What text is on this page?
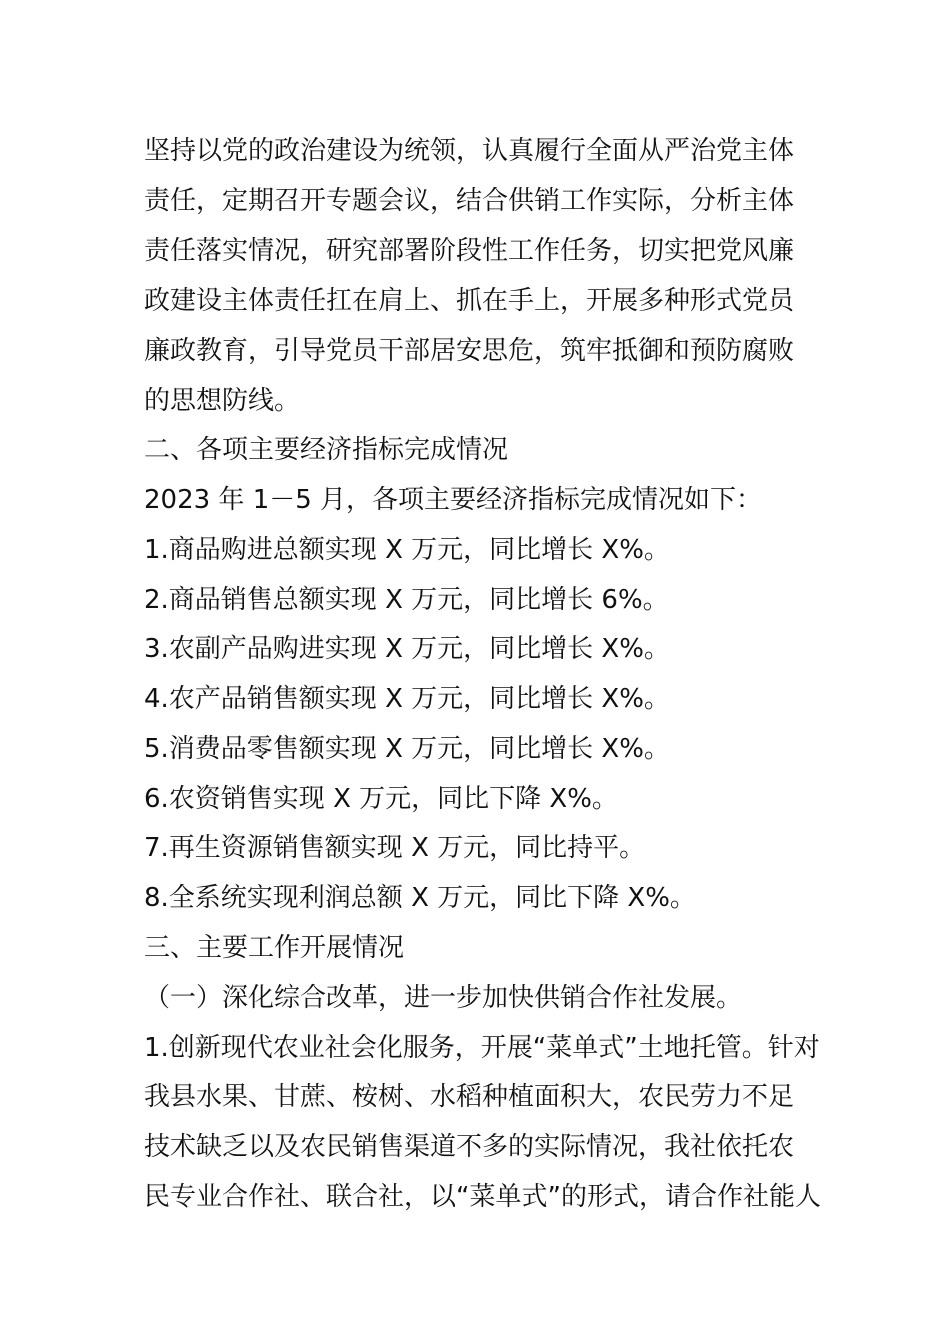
坚持以党的政治建设为统领，认真履行全面从严治党主体
责任，定期召开专题会议，结合供销工作实际，分析主体
责任落实情况，研究部署阶段性工作任务，切实把党风廉
政建设主体责任扛在肩上、抓在手上，开展多种形式党员
廉政教育，引导党员干部居安思危，筑牢抵御和预防腐败
的思想防线。
二、各项主要经济指标完成情况
2023 年 1－5 月，各项主要经济指标完成情况如下：
1.商品购进总额实现 X 万元，同比增长 X%。
2.商品销售总额实现 X 万元，同比增长 6%。
3.农副产品购进实现 X 万元，同比增长 X%。
4.农产品销售额实现 X 万元，同比增长 X%。
5.消费品零售额实现 X 万元，同比增长 X%。
6.农资销售实现 X 万元，同比下降 X%。
7.再生资源销售额实现 X 万元，同比持平。
8.全系统实现利润总额 X 万元，同比下降 X%。
三、主要工作开展情况
（一）深化综合改革，进一步加快供销合作社发展。
1.创新现代农业社会化服务，开展“菜单式”土地托管。针对
我县水果、甘蔗、桉树、水稻种植面积大，农民劳力不足
技术缺乏以及农民销售渠道不多的实际情况，我社依托农
民专业合作社、联合社，以“菜单式”的形式，请合作社能人
